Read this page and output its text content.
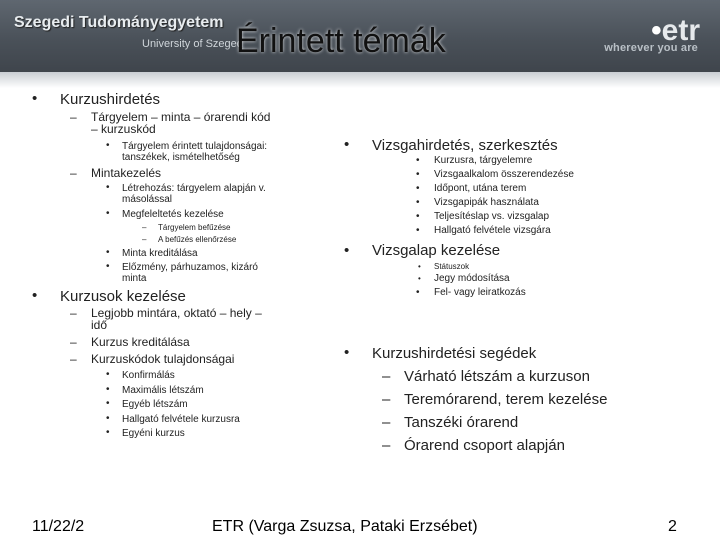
Szegedi Tudományegyetem
University of Szeged
Érintett témák	•etr
wherever you are
• Kurzushirdetés
– Tárgyelem – minta – órarendi kód
– kurzuskód
• Tárgyelem érintett tulajdonságai:
tanszékek, ismételhetőség
– Mintakezelés
• Létrehozás: tárgyelem alapján v.
másolással
• Megfeleltetés kezelése
– Tárgyelem befűzése
– A befűzés ellenőrzése
• Minta kreditálása
• Előzmény, párhuzamos, kizáró
minta
• Kurzusok kezelése
– Legjobb mintára, oktató – hely –
idő
– Kurzus kreditálása
– Kurzuskódok tulajdonságai
• Konfirmálás
• Maximális létszám
• Egyéb létszám
• Hallgató felvétele kurzusra
• Egyéni kurzus
• Vizsgahirdetés, szerkesztés
• Kurzusra, tárgyelemre
• Vizsgaalkalom összerendezése
• Időpont, utána terem
• Vizsgapipák használata
• Teljesítéslap vs. vizsgalap
• Hallgató felvétele vizsgára
• Vizsgalap kezelése
• Státuszok
• Jegy módosítása
• Fel- vagy leiratkozás
• Kurzushirdetési segédek
– Várható létszám a kurzuson
– Teremórarend, terem kezelése
– Tanszéki órarend
– Órarend csoport alapján
11/22/2	ETR (Varga Zsuzsa, Pataki Erzsébet)	2
